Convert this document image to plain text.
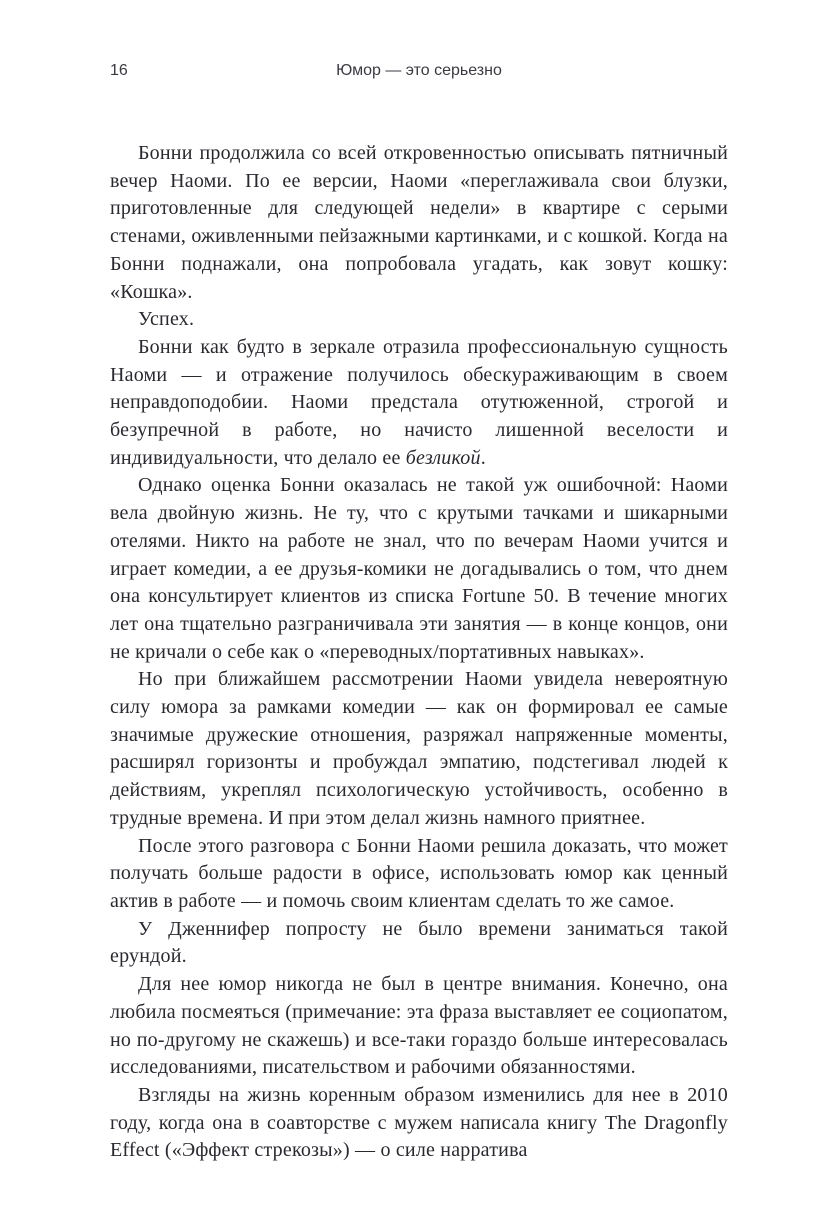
16	Юмор — это серьезно

Бонни продолжила со всей откровенностью описывать пятничный вечер Наоми. По ее версии, Наоми «переглаживала свои блузки, приготовленные для следующей недели» в квартире с серыми стенами, оживленными пейзажными картинками, и с кошкой. Когда на Бонни поднажали, она попробовала угадать, как зовут кошку: «Кошка».

Успех.

Бонни как будто в зеркале отразила профессиональную сущность Наоми — и отражение получилось обескураживающим в своем неправдоподобии. Наоми предстала отутюженной, строгой и безупречной в работе, но начисто лишенной веселости и индивидуальности, что делало ее безликой.

Однако оценка Бонни оказалась не такой уж ошибочной: Наоми вела двойную жизнь. Не ту, что с крутыми тачками и шикарными отелями. Никто на работе не знал, что по вечерам Наоми учится и играет комедии, а ее друзья-комики не догадывались о том, что днем она консультирует клиентов из списка Fortune 50. В течение многих лет она тщательно разграничивала эти занятия — в конце концов, они не кричали о себе как о «переводных/портативных навыках».

Но при ближайшем рассмотрении Наоми увидела невероятную силу юмора за рамками комедии — как он формировал ее самые значимые дружеские отношения, разряжал напряженные моменты, расширял горизонты и пробуждал эмпатию, подстегивал людей к действиям, укреплял психологическую устойчивость, особенно в трудные времена. И при этом делал жизнь намного приятнее.

После этого разговора с Бонни Наоми решила доказать, что может получать больше радости в офисе, использовать юмор как ценный актив в работе — и помочь своим клиентам сделать то же самое.

У Дженнифер попросту не было времени заниматься такой ерундой.

Для нее юмор никогда не был в центре внимания. Конечно, она любила посмеяться (примечание: эта фраза выставляет ее социопатом, но по-другому не скажешь) и все-таки гораздо больше интересовалась исследованиями, писательством и рабочими обязанностями.

Взгляды на жизнь коренным образом изменились для нее в 2010 году, когда она в соавторстве с мужем написала книгу The Dragonfly Effect («Эффект стрекозы») — о силе нарратива
